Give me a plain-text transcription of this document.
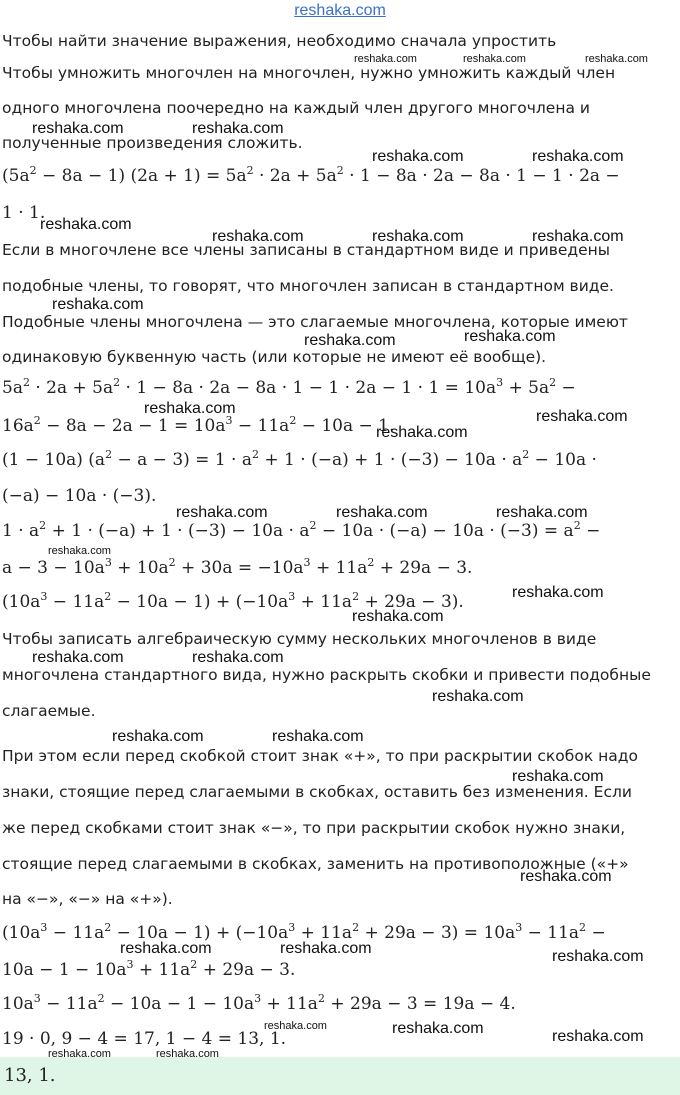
reshaka.com
Чтобы найти значение выражения, необходимо сначала упростить
Чтобы умножить многочлен на многочлен, нужно умножить каждый член
одного многочлена поочередно на каждый член другого многочлена и
полученные произведения сложить.
$(5a^2 - 8a - 1) (2a + 1) = 5a^2 \cdot 2a + 5a^2 \cdot 1 - 8a \cdot 2a - 8a \cdot 1 - 1 \cdot 2a$ −
1 · 1.
Если в многочлене все члены записаны в стандартном виде и приведены
подобные члены, то говорят, что многочлен записан в стандартном виде.
Подобные члены многочлена — это слагаемые многочлена, которые имеют
одинаковую буквенную часть (или которые не имеют её вообще).
$5a^2 \cdot 2a + 5a^2 \cdot 1 - 8a \cdot 2a - 8a \cdot 1 - 1 \cdot 2a - 1 \cdot 1 = 10a^3 + 5a^2$ −
$16a^2 - 8a - 2a - 1 = 10a^3 - 11a^2 - 10a - 1$.
(1 − 10a) $(a^2 - a - 3) = 1 \cdot a^2 + 1 \cdot (-a) + 1 \cdot (-3) - 10a \cdot a^2 - 10a$ ·
(−a) − 10a · (−3).
$1 \cdot a^2 + 1 \cdot (-a) + 1 \cdot (-3) - 10a \cdot a^2 - 10a \cdot (-a) - 10a \cdot (-3) = a^2$ −
$a - 3 - 10a^3 + 10a^2 + 30a = -10a^3 + 11a^2 + 29a - 3$.
$(10a^3 - 11a^2 - 10a - 1) + (-10a^3 + 11a^2 + 29a - 3)$.
Чтобы записать алгебраическую сумму нескольких многочленов в виде
многочлена стандартного вида, нужно раскрыть скобки и привести подобные
слагаемые.
При этом если перед скобкой стоит знак «+», то при раскрытии скобок надо
знаки, стоящие перед слагаемыми в скобках, оставить без изменения. Если
же перед скобками стоит знак «−», то при раскрытии скобок нужно знаки,
стоящие перед слагаемыми в скобках, заменить на противоположные («+»
на «−», «−» на «+»).
$(10a^3 - 11a^2 - 10a - 1) + (-10a^3 + 11a^2 + 29a - 3) = 10a^3 - 11a^2$ −
$10a - 1 - 10a^3 + 11a^2 + 29a - 3$.
$10a^3 - 11a^2 - 10a - 1 - 10a^3 + 11a^2 + 29a - 3 = 19a - 4$.
19 · 0, 9 − 4 = 17, 1 − 4 = 13, 1.
13, 1.
reshaka.com	reshaka.com	reshaka.com
reshaka.com	reshaka.com
reshaka.com	reshaka.com
reshaka.com
reshaka.com	reshaka.com	reshaka.com
reshaka.com
reshaka.com	reshaka.com
reshaka.com	reshaka.com
reshaka.com
reshaka.com	reshaka.com	reshaka.com
reshaka.com
reshaka.com
reshaka.com
reshaka.com	reshaka.com
reshaka.com
reshaka.com	reshaka.com
reshaka.com
reshaka.com
reshaka.com	reshaka.com	reshaka.com
reshaka.com	reshaka.com	reshaka.com
reshaka.com	reshaka.com
